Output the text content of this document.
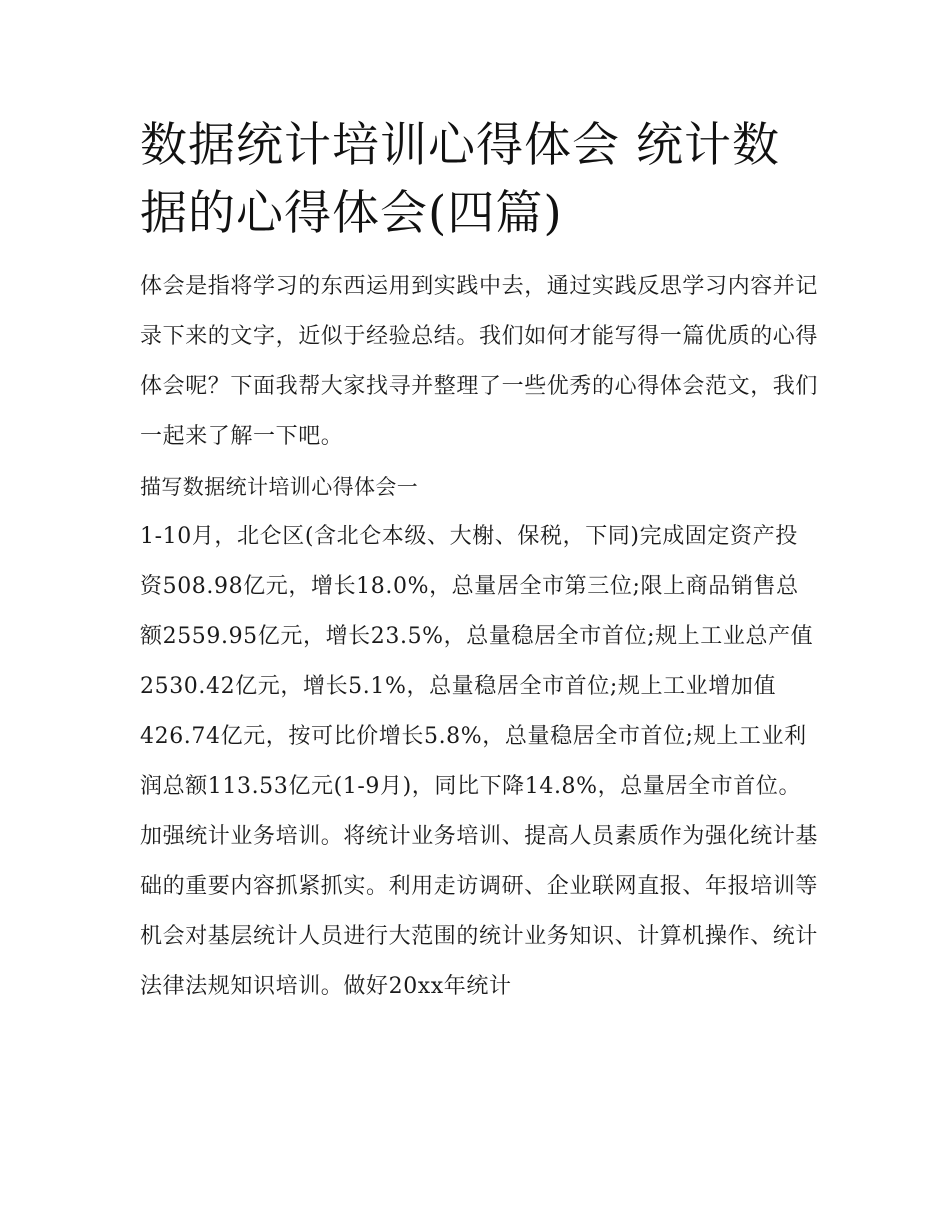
数据统计培训心得体会 统计数据的心得体会(四篇)

体会是指将学习的东西运用到实践中去，通过实践反思学习内容并记录下来的文字，近似于经验总结。我们如何才能写得一篇优质的心得体会呢？下面我帮大家找寻并整理了一些优秀的心得体会范文，我们一起来了解一下吧。

描写数据统计培训心得体会一

1-10月，北仑区(含北仑本级、大榭、保税，下同)完成固定资产投资508.98亿元，增长18.0%，总量居全市第三位;限上商品销售总额2559.95亿元，增长23.5%，总量稳居全市首位;规上工业总产值2530.42亿元，增长5.1%，总量稳居全市首位;规上工业增加值426.74亿元，按可比价增长5.8%，总量稳居全市首位;规上工业利润总额113.53亿元(1-9月)，同比下降14.8%，总量居全市首位。

加强统计业务培训。将统计业务培训、提高人员素质作为强化统计基础的重要内容抓紧抓实。利用走访调研、企业联网直报、年报培训等机会对基层统计人员进行大范围的统计业务知识、计算机操作、统计法律法规知识培训。做好20xx年统计
